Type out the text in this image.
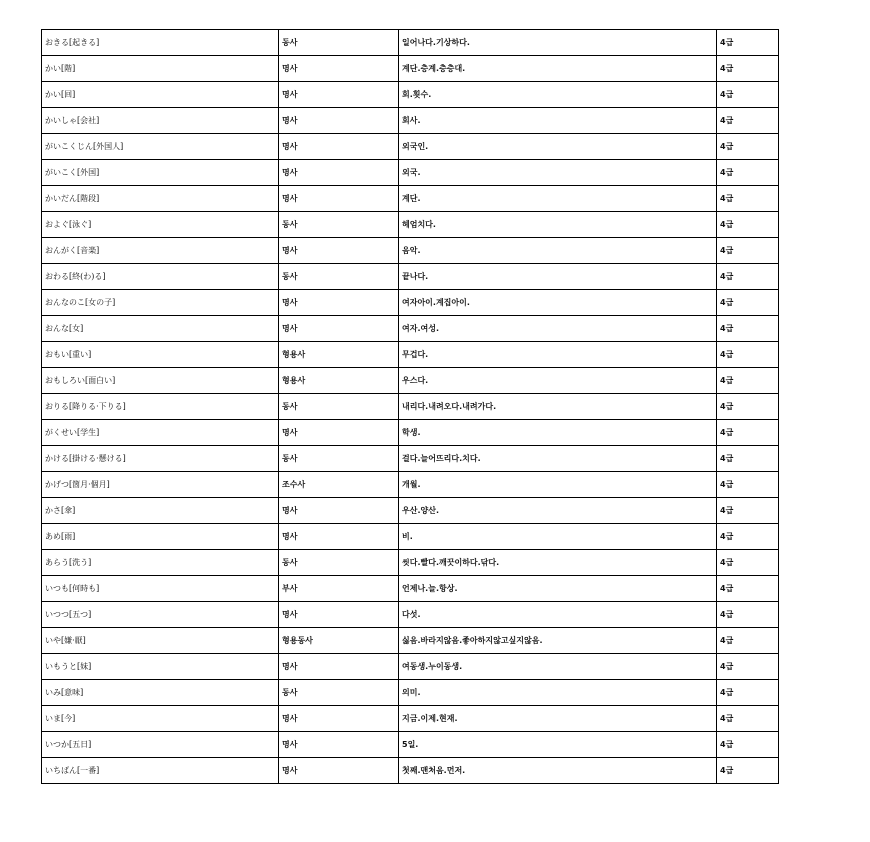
おきる[起きる]	동사	일어나다.기상하다.	4급
かい[階]	명사	계단.층계.층층대.	4급
かい[回]	명사	회.횟수.	4급
かいしゃ[会社]	명사	회사.	4급
がいこくじん[外国人]	명사	외국인.	4급
がいこく[外国]	명사	외국.	4급
かいだん[階段]	명사	계단.	4급
およぐ[泳ぐ]	동사	헤엄치다.	4급
おんがく[音楽]	명사	음악.	4급
おわる[終(わ)る]	동사	끝나다.	4급
おんなのこ[女の子]	명사	여자아이.계집아이.	4급
おんな[女]	명사	여자.여성.	4급
おもい[重い]	형용사	무겁다.	4급
おもしろい[面白い]	형용사	우스다.	4급
おりる[降りる·下りる]	동사	내리다.내려오다.내려가다.	4급
がくせい[学生]	명사	학생.	4급
かける[掛ける·懸ける]	동사	걸다.늘어뜨리다.치다.	4급
かげつ[箇月·個月]	조수사	개월.	4급
かさ[傘]	명사	우산.양산.	4급
あめ[雨]	명사	비.	4급
あらう[洗う]	동사	씻다.빨다.깨끗이하다.닦다.	4급
いつも[何時も]	부사	언제나.늘.항상.	4급
いつつ[五つ]	명사	다섯.	4급
いや[嫌·厭]	형용동사	싫음.바라지않음.좋아하지않고싶지않음.	4급
いもうと[妹]	명사	여동생.누이동생.	4급
いみ[意味]	동사	의미.	4급
いま[今]	명사	지금.이제.현재.	4급
いつか[五日]	명사	5일.	4급
いちばん[一番]	명사	첫째.맨처음.먼저.	4급
